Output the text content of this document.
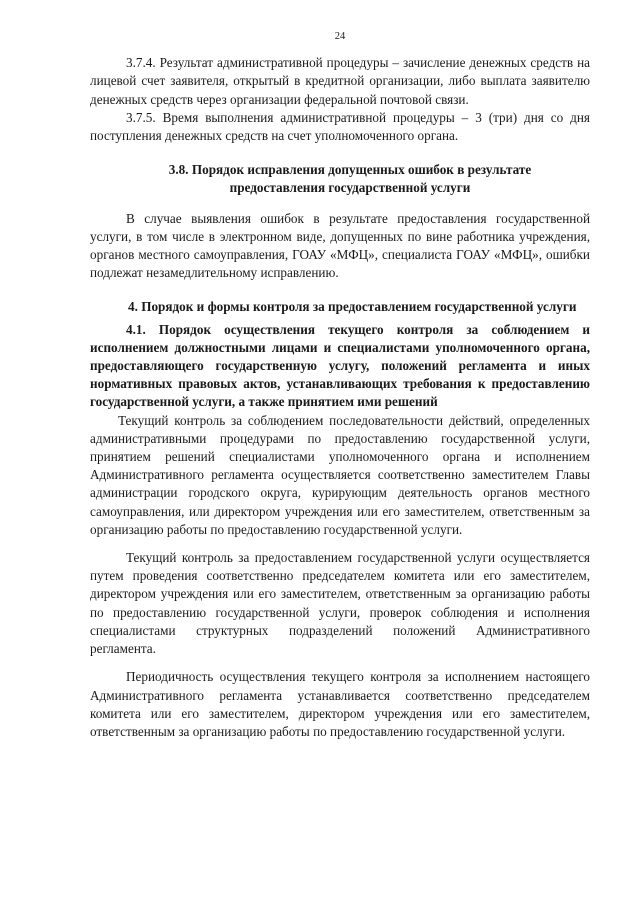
24

3.7.4. Результат административной процедуры – зачисление денежных средств на лицевой счет заявителя, открытый в кредитной организации, либо выплата заявителю денежных средств через организации федеральной почтовой связи.

3.7.5. Время выполнения административной процедуры – 3 (три) дня со дня поступления денежных средств на счет уполномоченного органа.

3.8. Порядок исправления допущенных ошибок в результате предоставления государственной услуги

В случае выявления ошибок в результате предоставления государственной услуги, в том числе в электронном виде, допущенных по вине работника учреждения, органов местного самоуправления, ГОАУ «МФЦ», специалиста ГОАУ «МФЦ», ошибки подлежат незамедлительному исправлению.

4. Порядок и формы контроля за предоставлением государственной услуги

4.1. Порядок осуществления текущего контроля за соблюдением и исполнением должностными лицами и специалистами уполномоченного органа, предоставляющего государственную услугу, положений регламента и иных нормативных правовых актов, устанавливающих требования к предоставлению государственной услуги, а также принятием ими решений

Текущий контроль за соблюдением последовательности действий, определенных административными процедурами по предоставлению государственной услуги, принятием решений специалистами уполномоченного органа и исполнением Административного регламента осуществляется соответственно заместителем Главы администрации городского округа, курирующим деятельность органов местного самоуправления, или директором учреждения или его заместителем, ответственным за организацию работы по предоставлению государственной услуги.

Текущий контроль за предоставлением государственной услуги осуществляется путем проведения соответственно председателем комитета или его заместителем, директором учреждения или его заместителем, ответственным за организацию работы по предоставлению государственной услуги, проверок соблюдения и исполнения специалистами структурных подразделений положений Административного регламента.

Периодичность осуществления текущего контроля за исполнением настоящего Административного регламента устанавливается соответственно председателем комитета или его заместителем, директором учреждения или его заместителем, ответственным за организацию работы по предоставлению государственной услуги.
